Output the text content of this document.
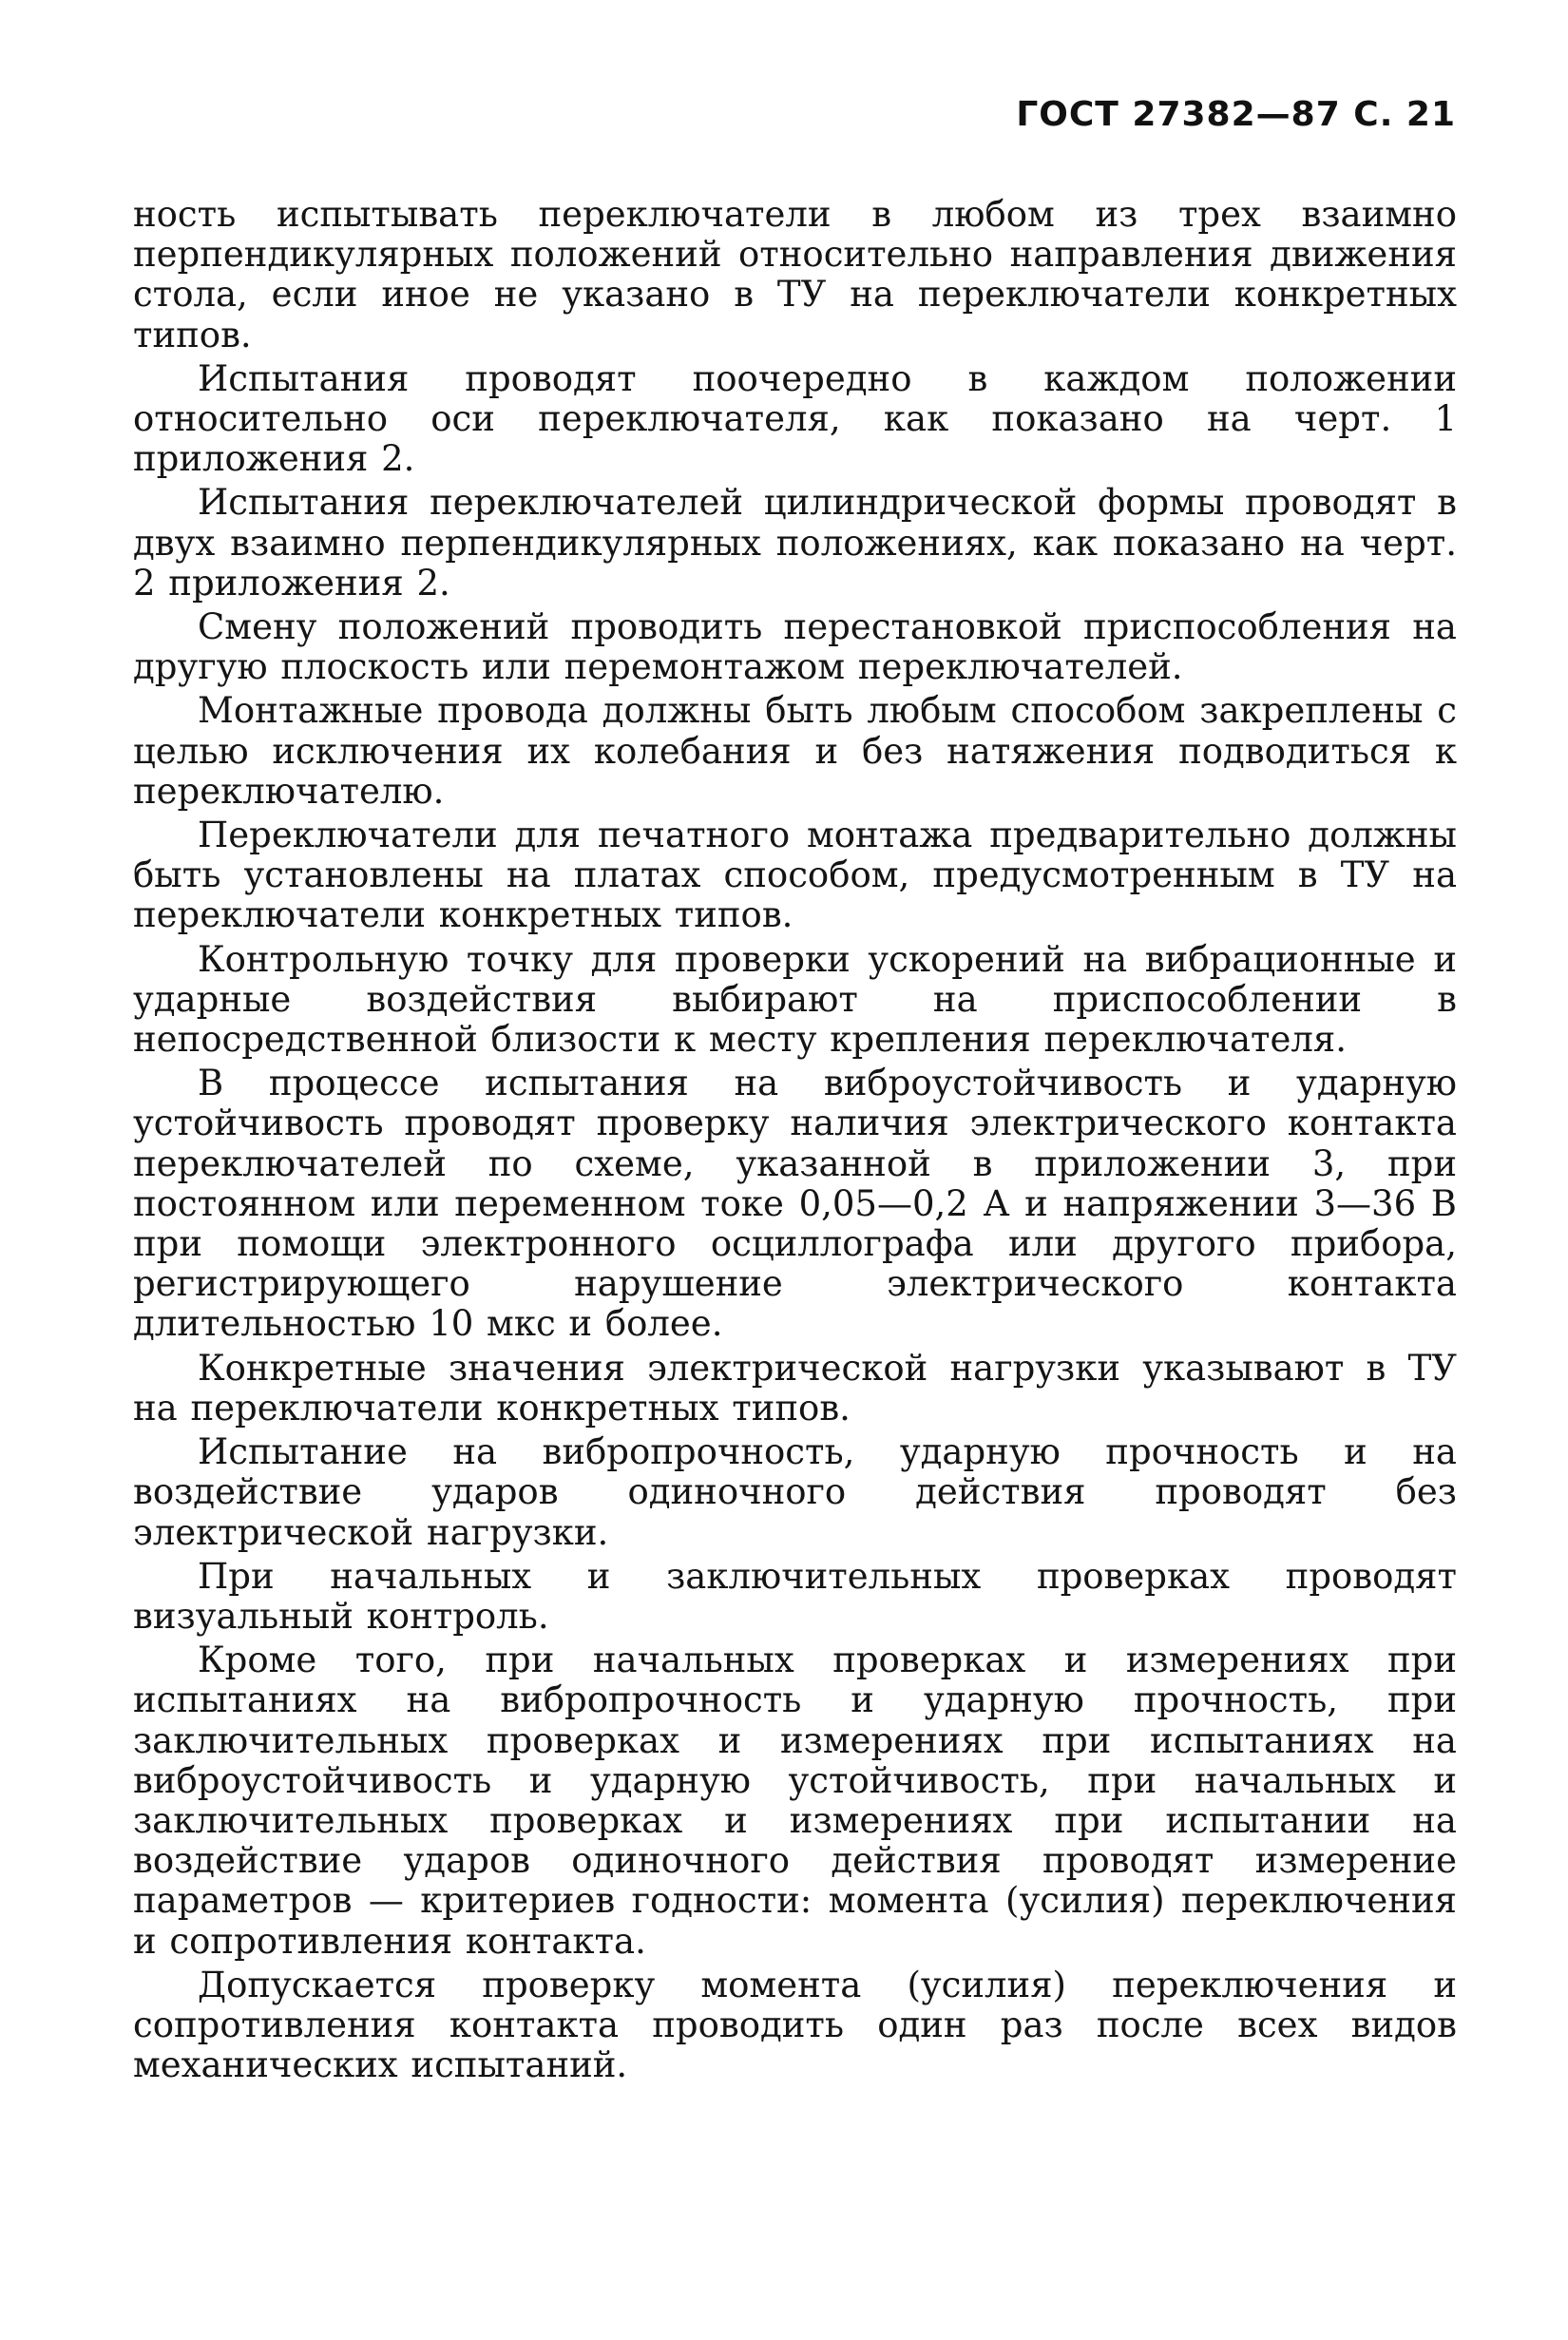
ГОСТ 27382—87 С. 21

ность испытывать переключатели в любом из трех взаимно перпендикулярных положений относительно направления движения стола, если иное не указано в ТУ на переключатели конкретных типов.

Испытания проводят поочередно в каждом положении относительно оси переключателя, как показано на черт. 1 приложения 2.

Испытания переключателей цилиндрической формы проводят в двух взаимно перпендикулярных положениях, как показано на черт. 2 приложения 2.

Смену положений проводить перестановкой приспособления на другую плоскость или перемонтажом переключателей.

Монтажные провода должны быть любым способом закреплены с целью исключения их колебания и без натяжения подводиться к переключателю.

Переключатели для печатного монтажа предварительно должны быть установлены на платах способом, предусмотренным в ТУ на переключатели конкретных типов.

Контрольную точку для проверки ускорений на вибрационные и ударные воздействия выбирают на приспособлении в непосредственной близости к месту крепления переключателя.

В процессе испытания на виброустойчивость и ударную устойчивость проводят проверку наличия электрического контакта переключателей по схеме, указанной в приложении 3, при постоянном или переменном токе 0,05—0,2 А и напряжении 3—36 В при помощи электронного осциллографа или другого прибора, регистрирующего нарушение электрического контакта длительностью 10 мкс и более.

Конкретные значения электрической нагрузки указывают в ТУ на переключатели конкретных типов.

Испытание на вибропрочность, ударную прочность и на воздействие ударов одиночного действия проводят без электрической нагрузки.

При начальных и заключительных проверках проводят визуальный контроль.

Кроме того, при начальных проверках и измерениях при испытаниях на вибропрочность и ударную прочность, при заключительных проверках и измерениях при испытаниях на виброустойчивость и ударную устойчивость, при начальных и заключительных проверках и измерениях при испытании на воздействие ударов одиночного действия проводят измерение параметров — критериев годности: момента (усилия) переключения и сопротивления контакта.

Допускается проверку момента (усилия) переключения и сопротивления контакта проводить один раз после всех видов механических испытаний.
